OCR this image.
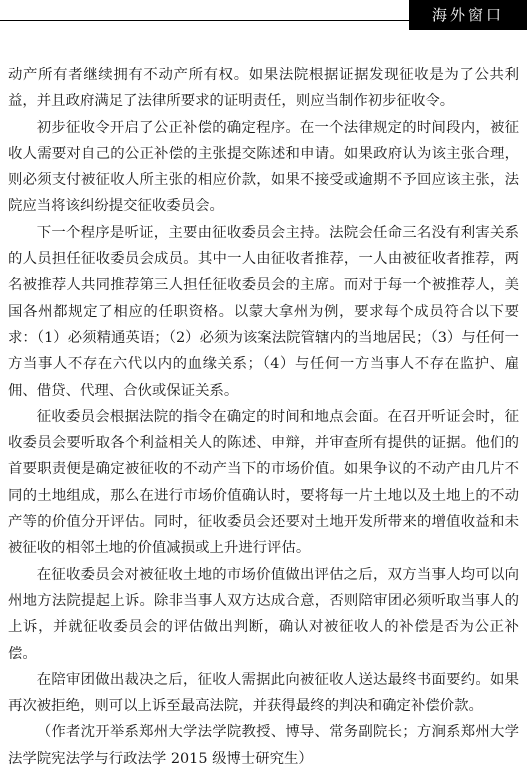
海外窗口

动产所有者继续拥有不动产所有权。如果法院根据证据发现征收是为了公共利益，并且政府满足了法律所要求的证明责任，则应当制作初步征收令。

初步征收令开启了公正补偿的确定程序。在一个法律规定的时间段内，被征收人需要对自己的公正补偿的主张提交陈述和申请。如果政府认为该主张合理，则必须支付被征收人所主张的相应价款，如果不接受或逾期不予回应该主张，法院应当将该纠纷提交征收委员会。

下一个程序是听证，主要由征收委员会主持。法院会任命三名没有利害关系的人员担任征收委员会成员。其中一人由征收者推荐，一人由被征收者推荐，两名被推荐人共同推荐第三人担任征收委员会的主席。而对于每一个被推荐人，美国各州都规定了相应的任职资格。以蒙大拿州为例，要求每个成员符合以下要求：（1）必须精通英语；（2）必须为该案法院管辖内的当地居民；（3）与任何一方当事人不存在六代以内的血缘关系；（4）与任何一方当事人不存在监护、雇佣、借贷、代理、合伙或保证关系。

征收委员会根据法院的指令在确定的时间和地点会面。在召开听证会时，征收委员会要听取各个利益相关人的陈述、申辩，并审查所有提供的证据。他们的首要职责便是确定被征收的不动产当下的市场价值。如果争议的不动产由几片不同的土地组成，那么在进行市场价值确认时，要将每一片土地以及土地上的不动产等的价值分开评估。同时，征收委员会还要对土地开发所带来的增值收益和未被征收的相邻土地的价值减损或上升进行评估。

在征收委员会对被征收土地的市场价值做出评估之后，双方当事人均可以向州地方法院提起上诉。除非当事人双方达成合意，否则陪审团必须听取当事人的上诉，并就征收委员会的评估做出判断，确认对被征收人的补偿是否为公正补偿。

在陪审团做出裁决之后，征收人需据此向被征收人送达最终书面要约。如果再次被拒绝，则可以上诉至最高法院，并获得最终的判决和确定补偿价款。

（作者沈开举系郑州大学法学院教授、博导、常务副院长；方涧系郑州大学法学院宪法学与行政法学 2015 级博士研究生）
